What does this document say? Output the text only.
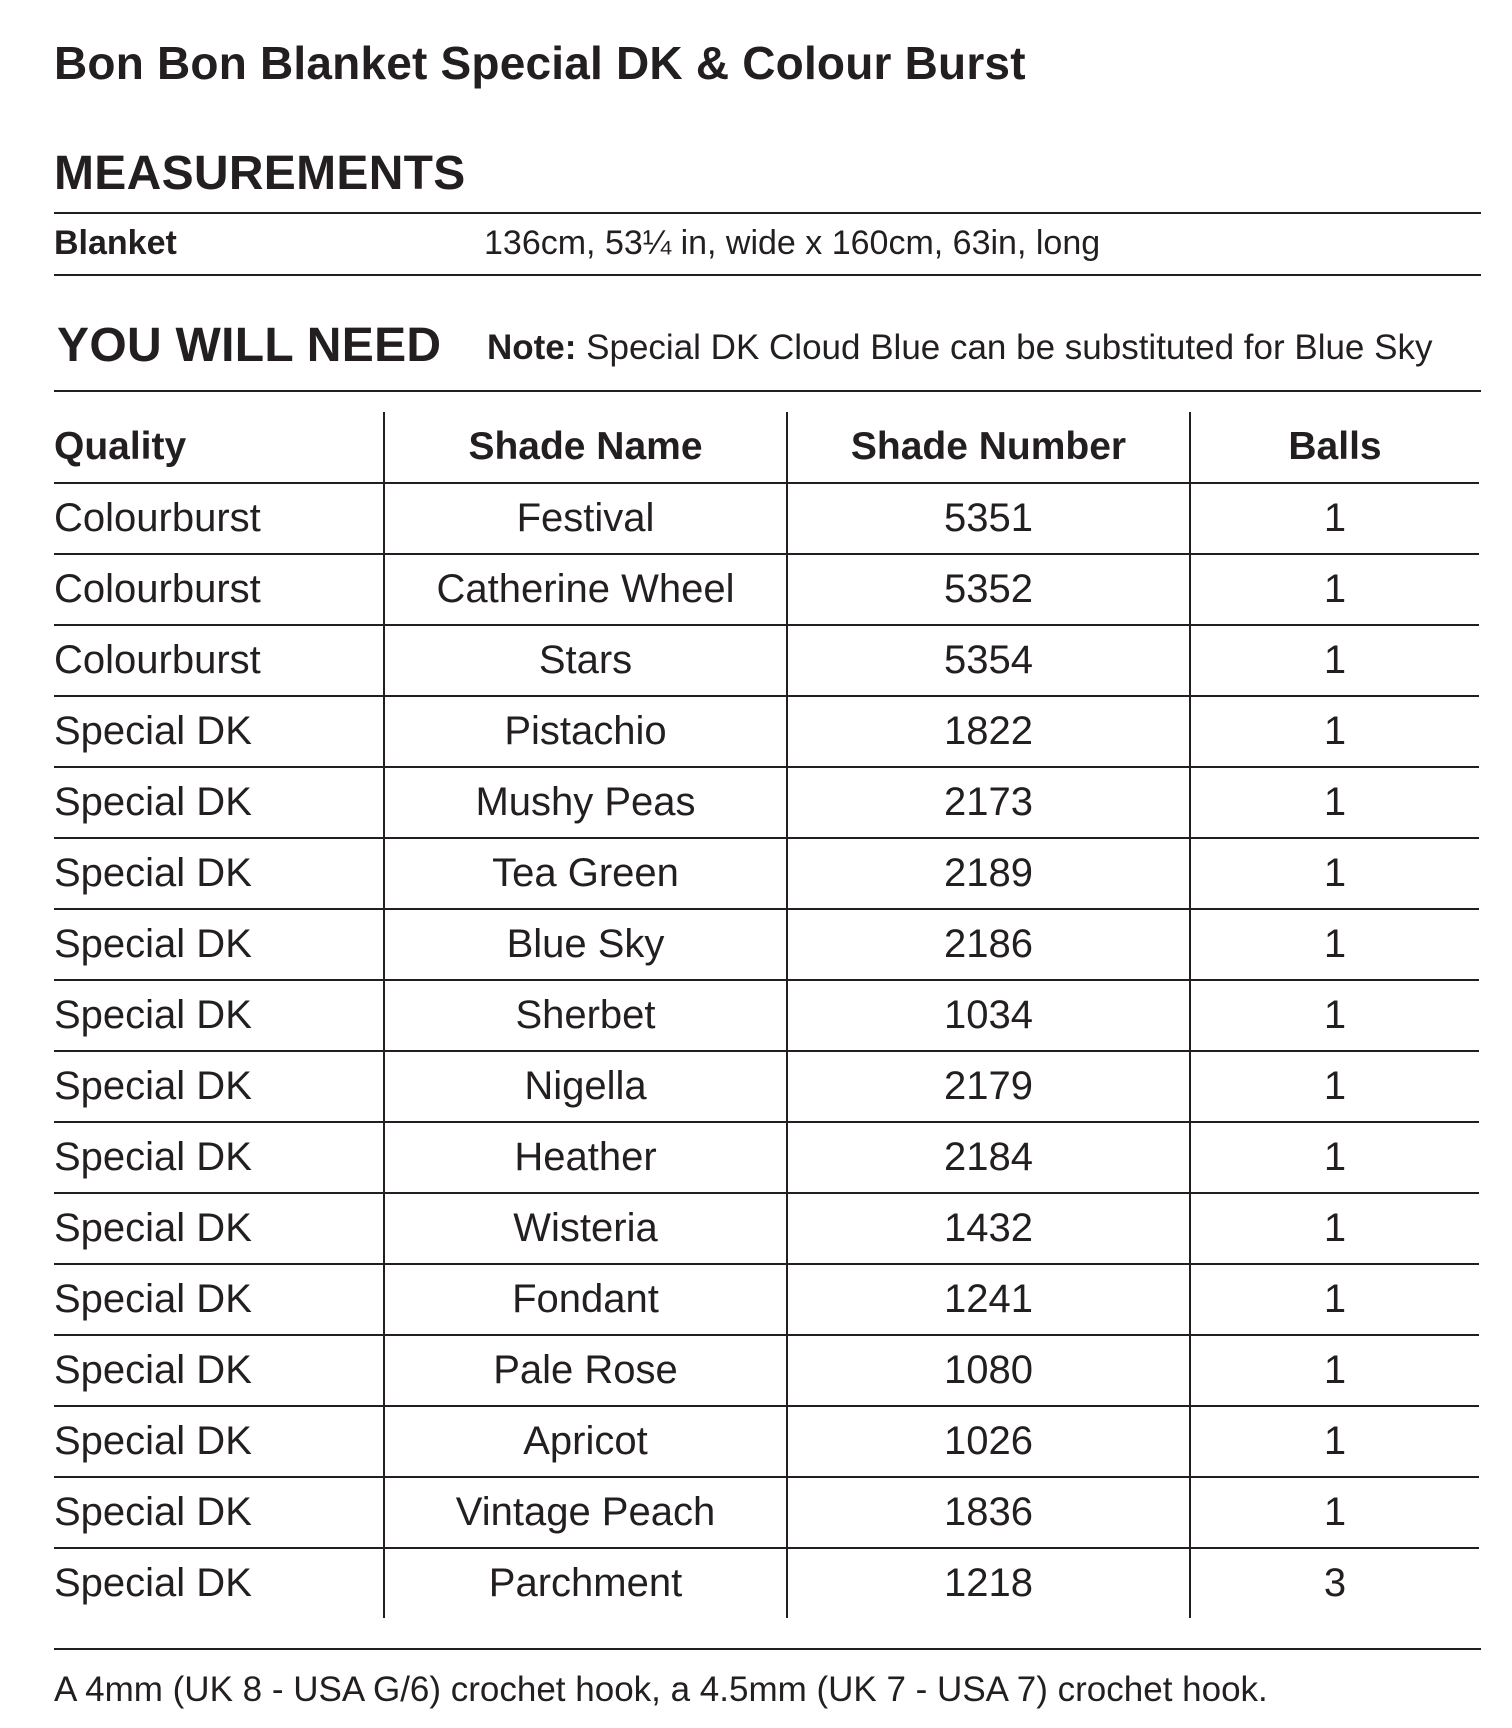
Bon Bon Blanket Special DK & Colour Burst
MEASUREMENTS
Blanket	136cm, 53¼ in, wide x 160cm, 63in, long
YOU WILL NEED Note: Special DK Cloud Blue can be substituted for Blue Sky
Quality	Shade Name	Shade Number	Balls
Colourburst	Festival	5351	1
Colourburst	Catherine Wheel	5352	1
Colourburst	Stars	5354	1
Special DK	Pistachio	1822	1
Special DK	Mushy Peas	2173	1
Special DK	Tea Green	2189	1
Special DK	Blue Sky	2186	1
Special DK	Sherbet	1034	1
Special DK	Nigella	2179	1
Special DK	Heather	2184	1
Special DK	Wisteria	1432	1
Special DK	Fondant	1241	1
Special DK	Pale Rose	1080	1
Special DK	Apricot	1026	1
Special DK	Vintage Peach	1836	1
Special DK	Parchment	1218	3
A 4mm (UK 8 - USA G/6) crochet hook, a 4.5mm (UK 7 - USA 7) crochet hook.
